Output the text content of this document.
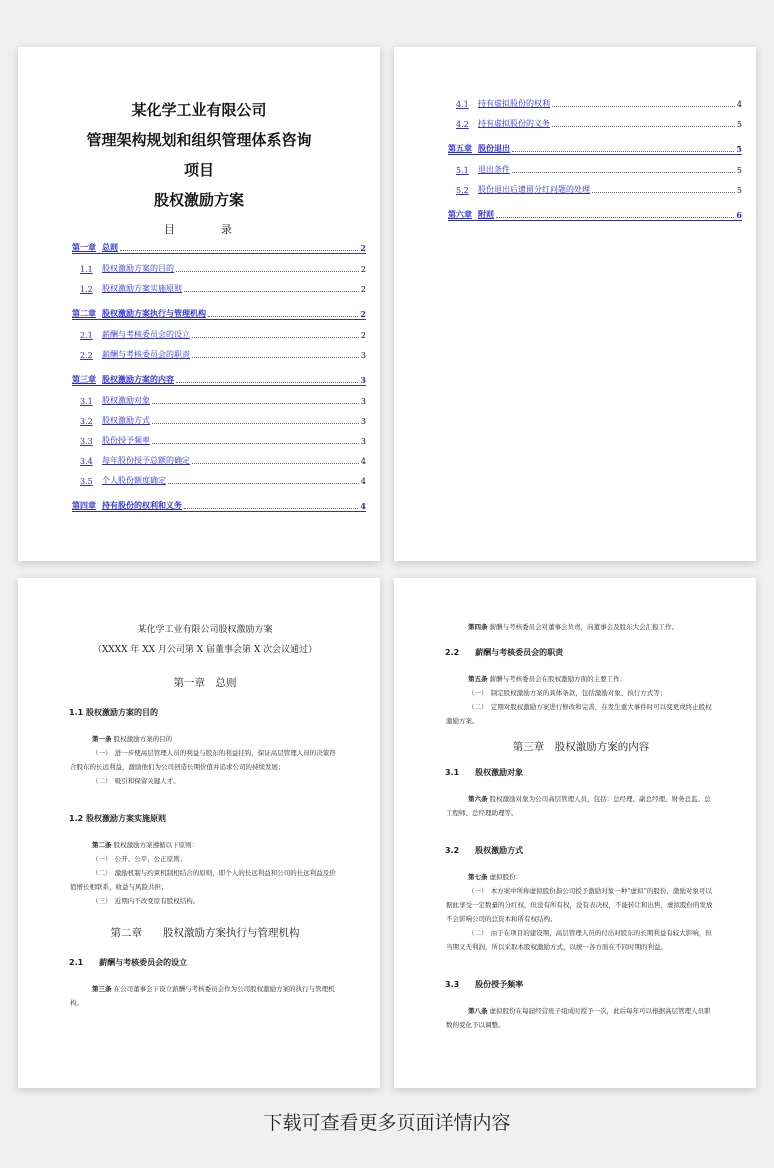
某化学工业有限公司
管理架构规划和组织管理体系咨询
项目
股权激励方案
目	录
第一章 总则	2
1.1	股权激励方案的目的	2
1.2	股权激励方案实施原则	2
第二章 股权激励方案执行与管理机构	2
2.1	薪酬与考核委员会的设立	2
2.2	薪酬与考核委员会的职责	3
第三章 股权激励方案的内容	3
3.1	股权激励对象	3
3.2	股权激励方式	3
3.3	股份授予频率	3
3.4	每年股份授予总额的确定	4
3.5	个人股份额度确定	4
第四章 持有股份的权利和义务	4
4.1	持有虚拟股份的权利	4
4.2	持有虚拟股份的义务	5
第五章 股份退出	5
5.1	退出条件	5
5.2	股份退出后遗留分红问题的处理	5
第六章 附则	6
某化学工业有限公司股权激励方案
（XXXX 年 XX 月公司第 X 届董事会第 X 次会议通过）
第一章　总则
1.1 股权激励方案的目的
第一条 股权激励方案的目的
（一）　进一步使高层管理人员的利益与股东的利益挂钩，保证高层管理人员的决策符合股东的长远利益，激励他们为公司创造长期价值并追求公司的持续发展；
（二）　吸引和保留关键人才。
1.2 股权激励方案实施原则
第二条 股权激励方案遵循以下原则：
（一）　公开、公平、公正原则；
（二）　激励机制与约束机制相结合的原则，即个人的长远利益和公司的长远利益及价值增长相联系，收益与风险共担；
（三）　近期内不改变原有股权结构。
第二章　　股权激励方案执行与管理机构
2.1　　薪酬与考核委员会的设立
第三条 在公司董事会下设立薪酬与考核委员会作为公司股权激励方案的执行与管理机构。
第四条 薪酬与考核委员会对董事会负责，向董事会及股东大会汇报工作。
2.2　　薪酬与考核委员会的职责
第五条 薪酬与考核委员会在股权激励方面的主要工作：
（一）　制定股权激励方案的具体条款，包括激励对象、执行方式等；
（二）　定期对股权激励方案进行修改和完善，在发生重大事件时可以变更或终止股权激励方案。
第三章　股权激励方案的内容
3.1　　股权激励对象
第六条 股权激励对象为公司高层管理人员，包括：总经理、副总经理、财务总监、总工程师、总经理助理等。
3.2　　股权激励方式
第七条 虚拟股份：
（一）　本方案中所称虚拟股份指公司授予激励对象一种“虚拟”的股份，激励对象可以据此享受一定数量的分红权，但没有所有权，没有表决权，不能转让和出售，虚拟股份的发放不会影响公司的总资本和所有权结构。
（二）　由于在项目的建设期，高层管理人员的付出对股东的长期利益有较大影响，但当期又无利润，所以采取本股权激励方式，以统一各方面在不同时期的利益。
3.3　　股份授予频率
第八条 虚拟股份在每届经营班子组成时授予一次，此后每年可以根据高层管理人员职数的变化予以调整。
下载可查看更多页面详情内容
